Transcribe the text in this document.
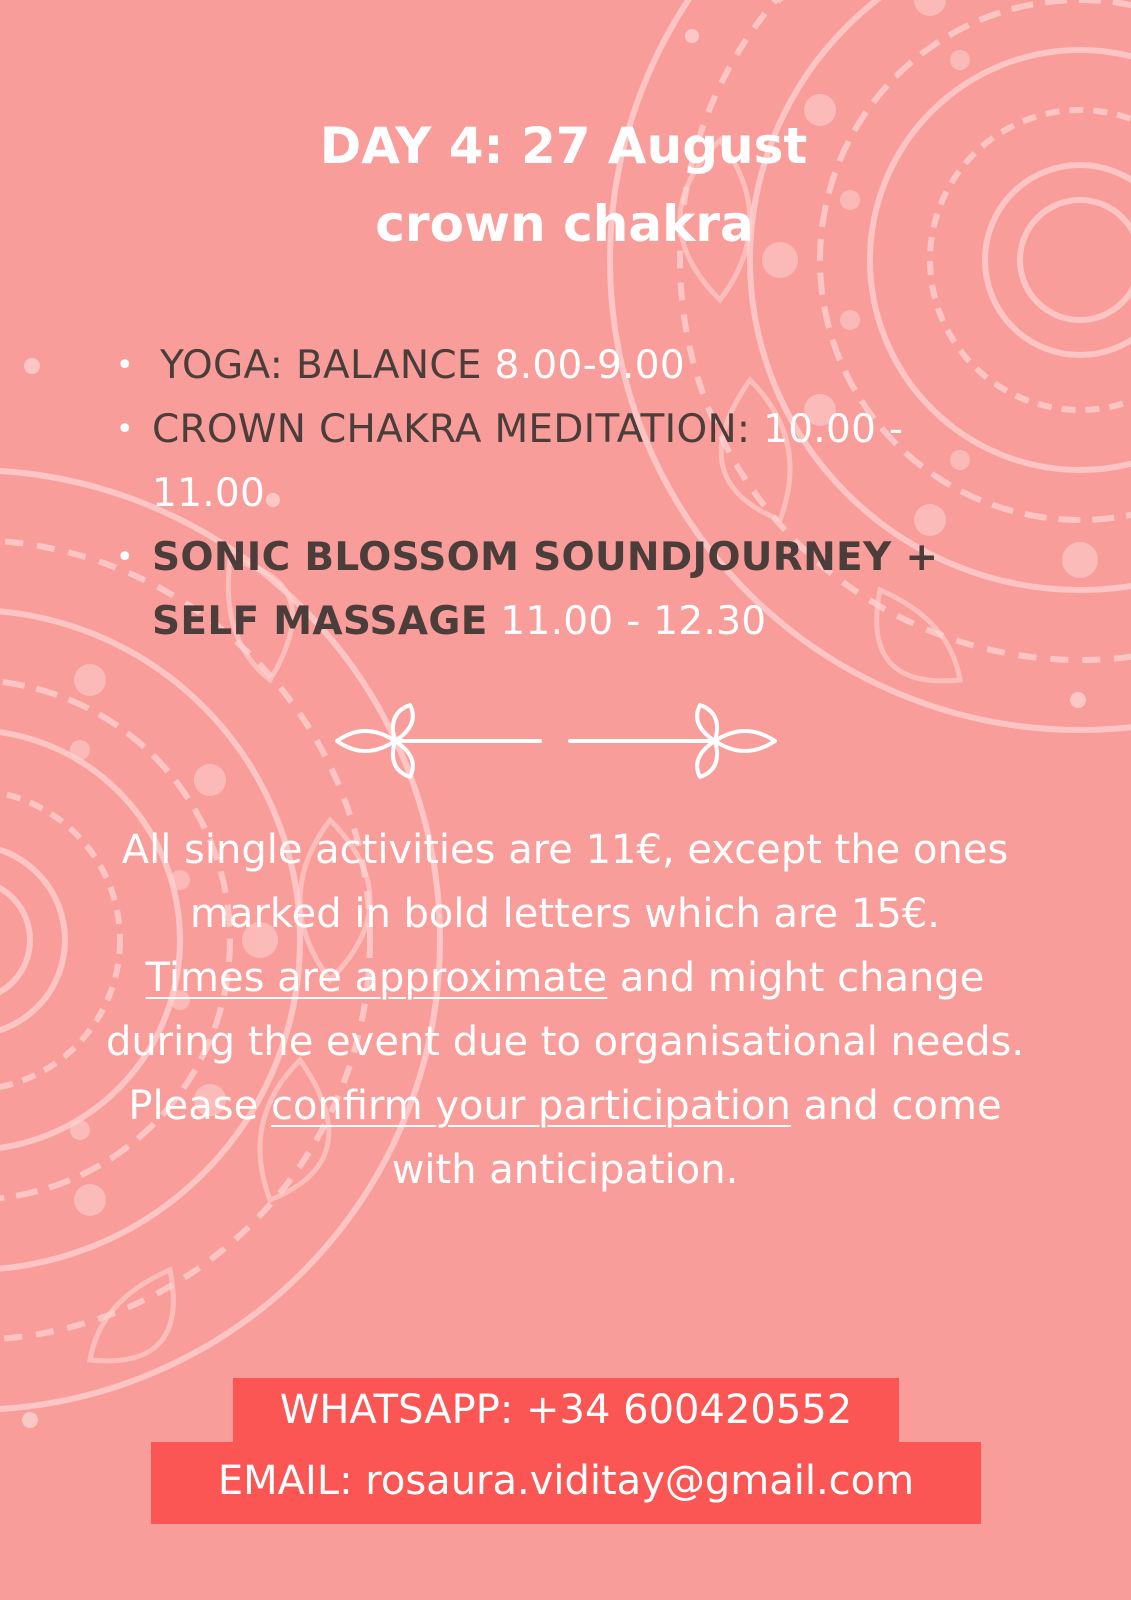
DAY 4: 27 August
crown chakra
• YOGA: BALANCE 8.00-9.00
• CROWN CHAKRA MEDITATION: 10.00 - 11.00
• SONIC BLOSSOM SOUNDJOURNEY + SELF MASSAGE 11.00 - 12.30

All single activities are 11€, except the ones marked in bold letters which are 15€.

Times are approximate and might change during the event due to organisational needs. Please confirm your participation and come with anticipation.

WHATSAPP: +34 600420552
EMAIL: rosaura.viditay@gmail.com
